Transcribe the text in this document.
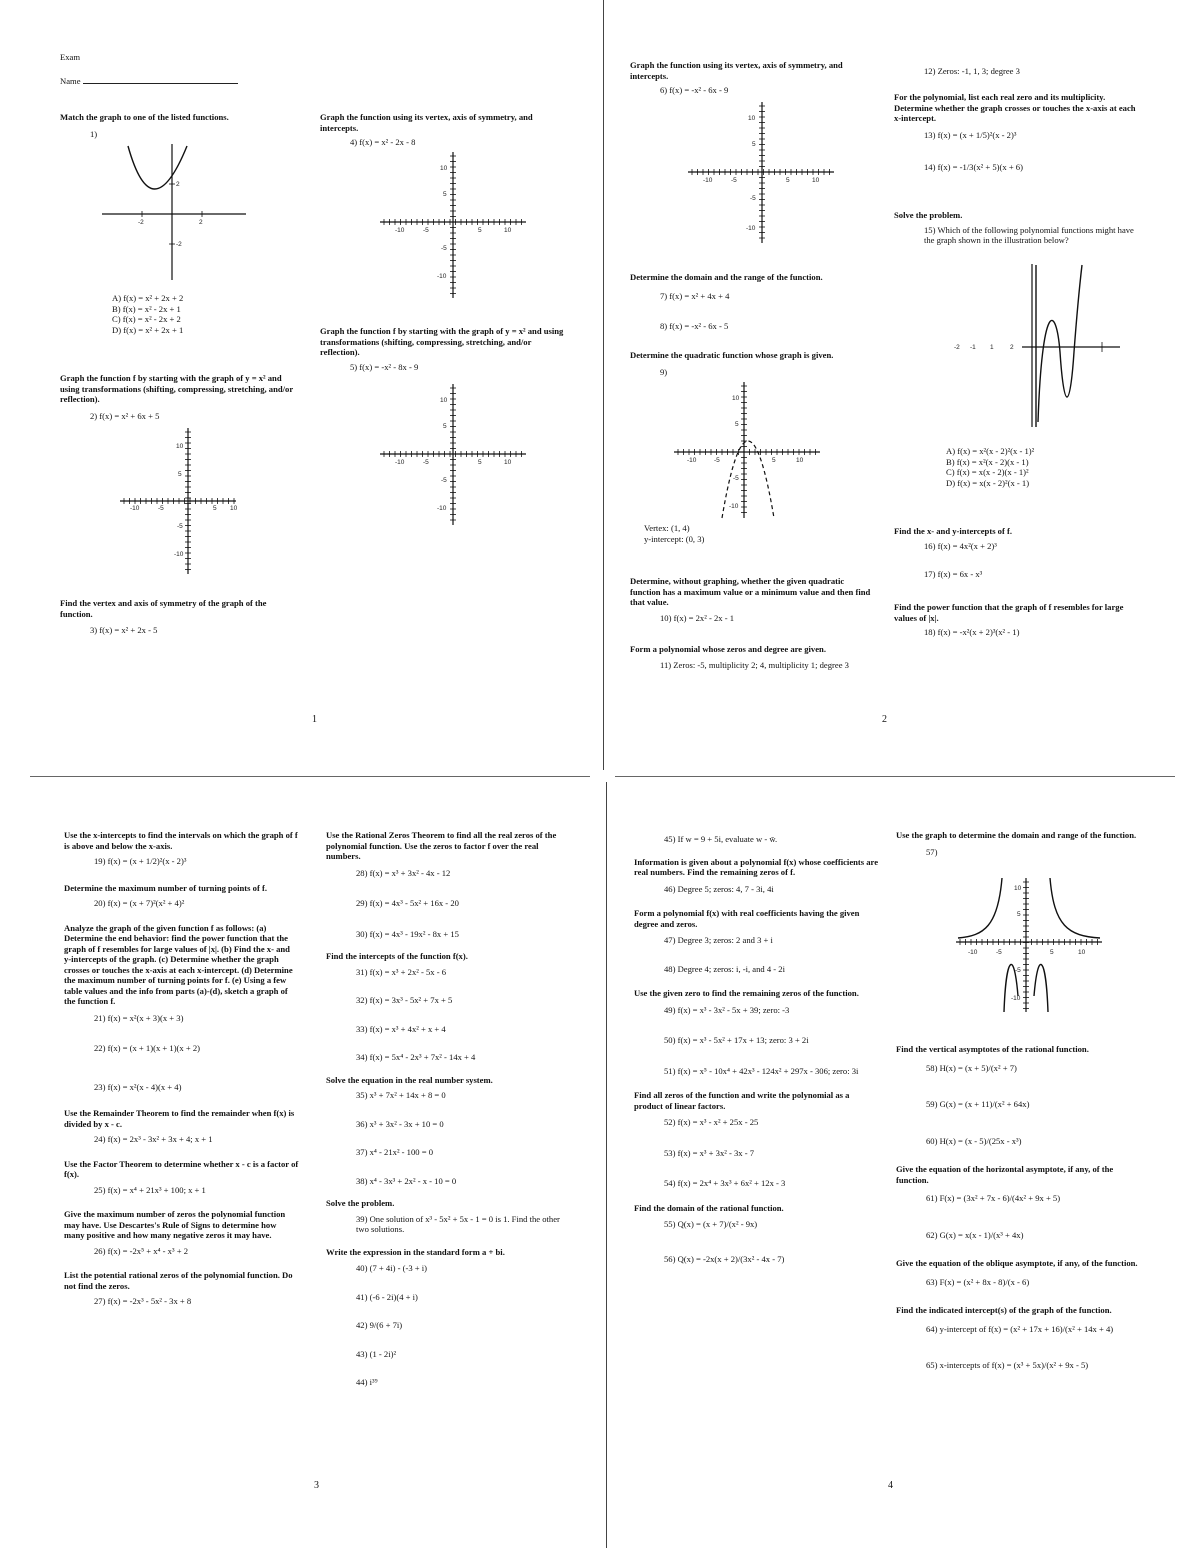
Exam
Name

Match the graph to one of the listed functions.

1)

A) f(x) = x² + 2x + 2

B) f(x) = x² - 2x + 1

C) f(x) = x² - 2x + 2

D) f(x) = x² + 2x + 1

Graph the function f by starting with the graph of y = x² and using transformations (shifting, compressing, stretching, and/or reflection).

2) f(x) = x² + 6x + 5

Find the vertex and axis of symmetry of the graph of the function.

3) f(x) = x² + 2x - 5

Graph the function using its vertex, axis of symmetry, and intercepts.

4) f(x) = x² - 2x - 8

Graph the function f by starting with the graph of y = x² and using transformations (shifting, compressing, stretching, and/or reflection).

5) f(x) = -x² - 8x - 9

1

Graph the function using its vertex, axis of symmetry, and intercepts.

6) f(x) = -x² - 6x - 9

Determine the domain and the range of the function.

7) f(x) = x² + 4x + 4

8) f(x) = -x² - 6x - 5

Determine the quadratic function whose graph is given.

9)

Vertex: (1, 4)

y-intercept: (0, 3)

Determine, without graphing, whether the given quadratic function has a maximum value or a minimum value and then find that value.

10) f(x) = 2x² - 2x - 1

Form a polynomial whose zeros and degree are given.

11) Zeros: -5, multiplicity 2; 4, multiplicity 1; degree 3

12) Zeros: -1, 1, 3; degree 3

For the polynomial, list each real zero and its multiplicity. Determine whether the graph crosses or touches the x-axis at each x-intercept.

13) f(x) = (x + 1/5)²(x - 2)³

14) f(x) = -1/3(x² + 5)(x + 6)

Solve the problem.

15) Which of the following polynomial functions might have the graph shown in the illustration below?

A) f(x) = x²(x - 2)²(x - 1)²

B) f(x) = x²(x - 2)(x - 1)

C) f(x) = x(x - 2)(x - 1)²

D) f(x) = x(x - 2)²(x - 1)

Find the x- and y-intercepts of f.

16) f(x) = 4x²(x + 2)³

17) f(x) = 6x - x³

Find the power function that the graph of f resembles for large values of |x|.

18) f(x) = -x²(x + 2)³(x² - 1)

2

Use the x-intercepts to find the intervals on which the graph of f is above and below the x-axis.

19) f(x) = (x + 1/2)²(x - 2)³

Determine the maximum number of turning points of f.

20) f(x) = (x + 7)²(x² + 4)²

Analyze the graph of the given function f as follows: (a) Determine the end behavior: find the power function that the graph of f resembles for large values of |x|. (b) Find the x- and y-intercepts of the graph. (c) Determine whether the graph crosses or touches the x-axis at each x-intercept. (d) Determine the maximum number of turning points for f. (e) Using a few table values and the info from parts (a)-(d), sketch a graph of the function f.

21) f(x) = x²(x + 3)(x + 3)

22) f(x) = (x + 1)(x + 1)(x + 2)

23) f(x) = x²(x - 4)(x + 4)

Use the Remainder Theorem to find the remainder when f(x) is divided by x - c.

24) f(x) = 2x³ - 3x² + 3x + 4; x + 1

Use the Factor Theorem to determine whether x - c is a factor of f(x).

25) f(x) = x⁴ + 21x³ + 100; x + 1

Give the maximum number of zeros the polynomial function may have. Use Descartes's Rule of Signs to determine how many positive and how many negative zeros it may have.

26) f(x) = -2x⁵ + x⁴ - x³ + 2

List the potential rational zeros of the polynomial function. Do not find the zeros.

27) f(x) = -2x³ - 5x² - 3x + 8

Use the Rational Zeros Theorem to find all the real zeros of the polynomial function. Use the zeros to factor f over the real numbers.

28) f(x) = x³ + 3x² - 4x - 12

29) f(x) = 4x³ - 5x² + 16x - 20

30) f(x) = 4x³ - 19x² - 8x + 15

Find the intercepts of the function f(x).

31) f(x) = x³ + 2x² - 5x - 6

32) f(x) = 3x³ - 5x² + 7x + 5

33) f(x) = x³ + 4x² + x + 4

34) f(x) = 5x⁴ - 2x³ + 7x² - 14x + 4

Solve the equation in the real number system.

35) x³ + 7x² + 14x + 8 = 0

36) x³ + 3x² - 3x + 10 = 0

37) x⁴ - 21x² - 100 = 0

38) x⁴ - 3x³ + 2x² - x - 10 = 0

Solve the problem.

39) One solution of x³ - 5x² + 5x - 1 = 0 is 1. Find the other two solutions.

Write the expression in the standard form a + bi.

40) (7 + 4i) - (-3 + i)

41) (-6 - 2i)(4 + i)

42) 9/(6 + 7i)

43) (1 - 2i)²

44) i³⁹

3

45) If w = 9 + 5i, evaluate w - w̄.

Information is given about a polynomial f(x) whose coefficients are real numbers. Find the remaining zeros of f.

46) Degree 5; zeros: 4, 7 - 3i, 4i

Form a polynomial f(x) with real coefficients having the given degree and zeros.

47) Degree 3; zeros: 2 and 3 + i

48) Degree 4; zeros: i, -i, and 4 - 2i

Use the given zero to find the remaining zeros of the function.

49) f(x) = x³ - 3x² - 5x + 39; zero: -3

50) f(x) = x³ - 5x² + 17x + 13; zero: 3 + 2i

51) f(x) = x⁵ - 10x⁴ + 42x³ - 124x² + 297x - 306; zero: 3i

Find all zeros of the function and write the polynomial as a product of linear factors.

52) f(x) = x³ - x² + 25x - 25

53) f(x) = x³ + 3x² - 3x - 7

54) f(x) = 2x⁴ + 3x³ + 6x² + 12x - 3

Find the domain of the rational function.

55) Q(x) = (x + 7)/(x² - 9x)

56) Q(x) = -2x(x + 2)/(3x² - 4x - 7)

Use the graph to determine the domain and range of the function.

57)

Find the vertical asymptotes of the rational function.

58) H(x) = (x + 5)/(x² + 7)

59) G(x) = (x + 11)/(x² + 64x)

60) H(x) = (x - 5)/(25x - x³)

Give the equation of the horizontal asymptote, if any, of the function.

61) F(x) = (3x² + 7x - 6)/(4x² + 9x + 5)

62) G(x) = x(x - 1)/(x³ + 4x)

Give the equation of the oblique asymptote, if any, of the function.

63) F(x) = (x² + 8x - 8)/(x - 6)

Find the indicated intercept(s) of the graph of the function.

64) y-intercept of f(x) = (x² + 17x + 16)/(x² + 14x + 4)

65) x-intercepts of f(x) = (x³ + 5x)/(x² + 9x - 5)

4
-2	2
2
-2
-10	-5	5 10
10
5
-5
-10
-10	-5	5	10
10
5
-5
-10
-10	-5	5	10
10
5
-5
-10
-10	-5	5	10
10
5
-5
-10
-10	-5	5	10
10
5
-5
-10
-2 -1 1	2
-10	-5	5	10
10
5
-5
-10
